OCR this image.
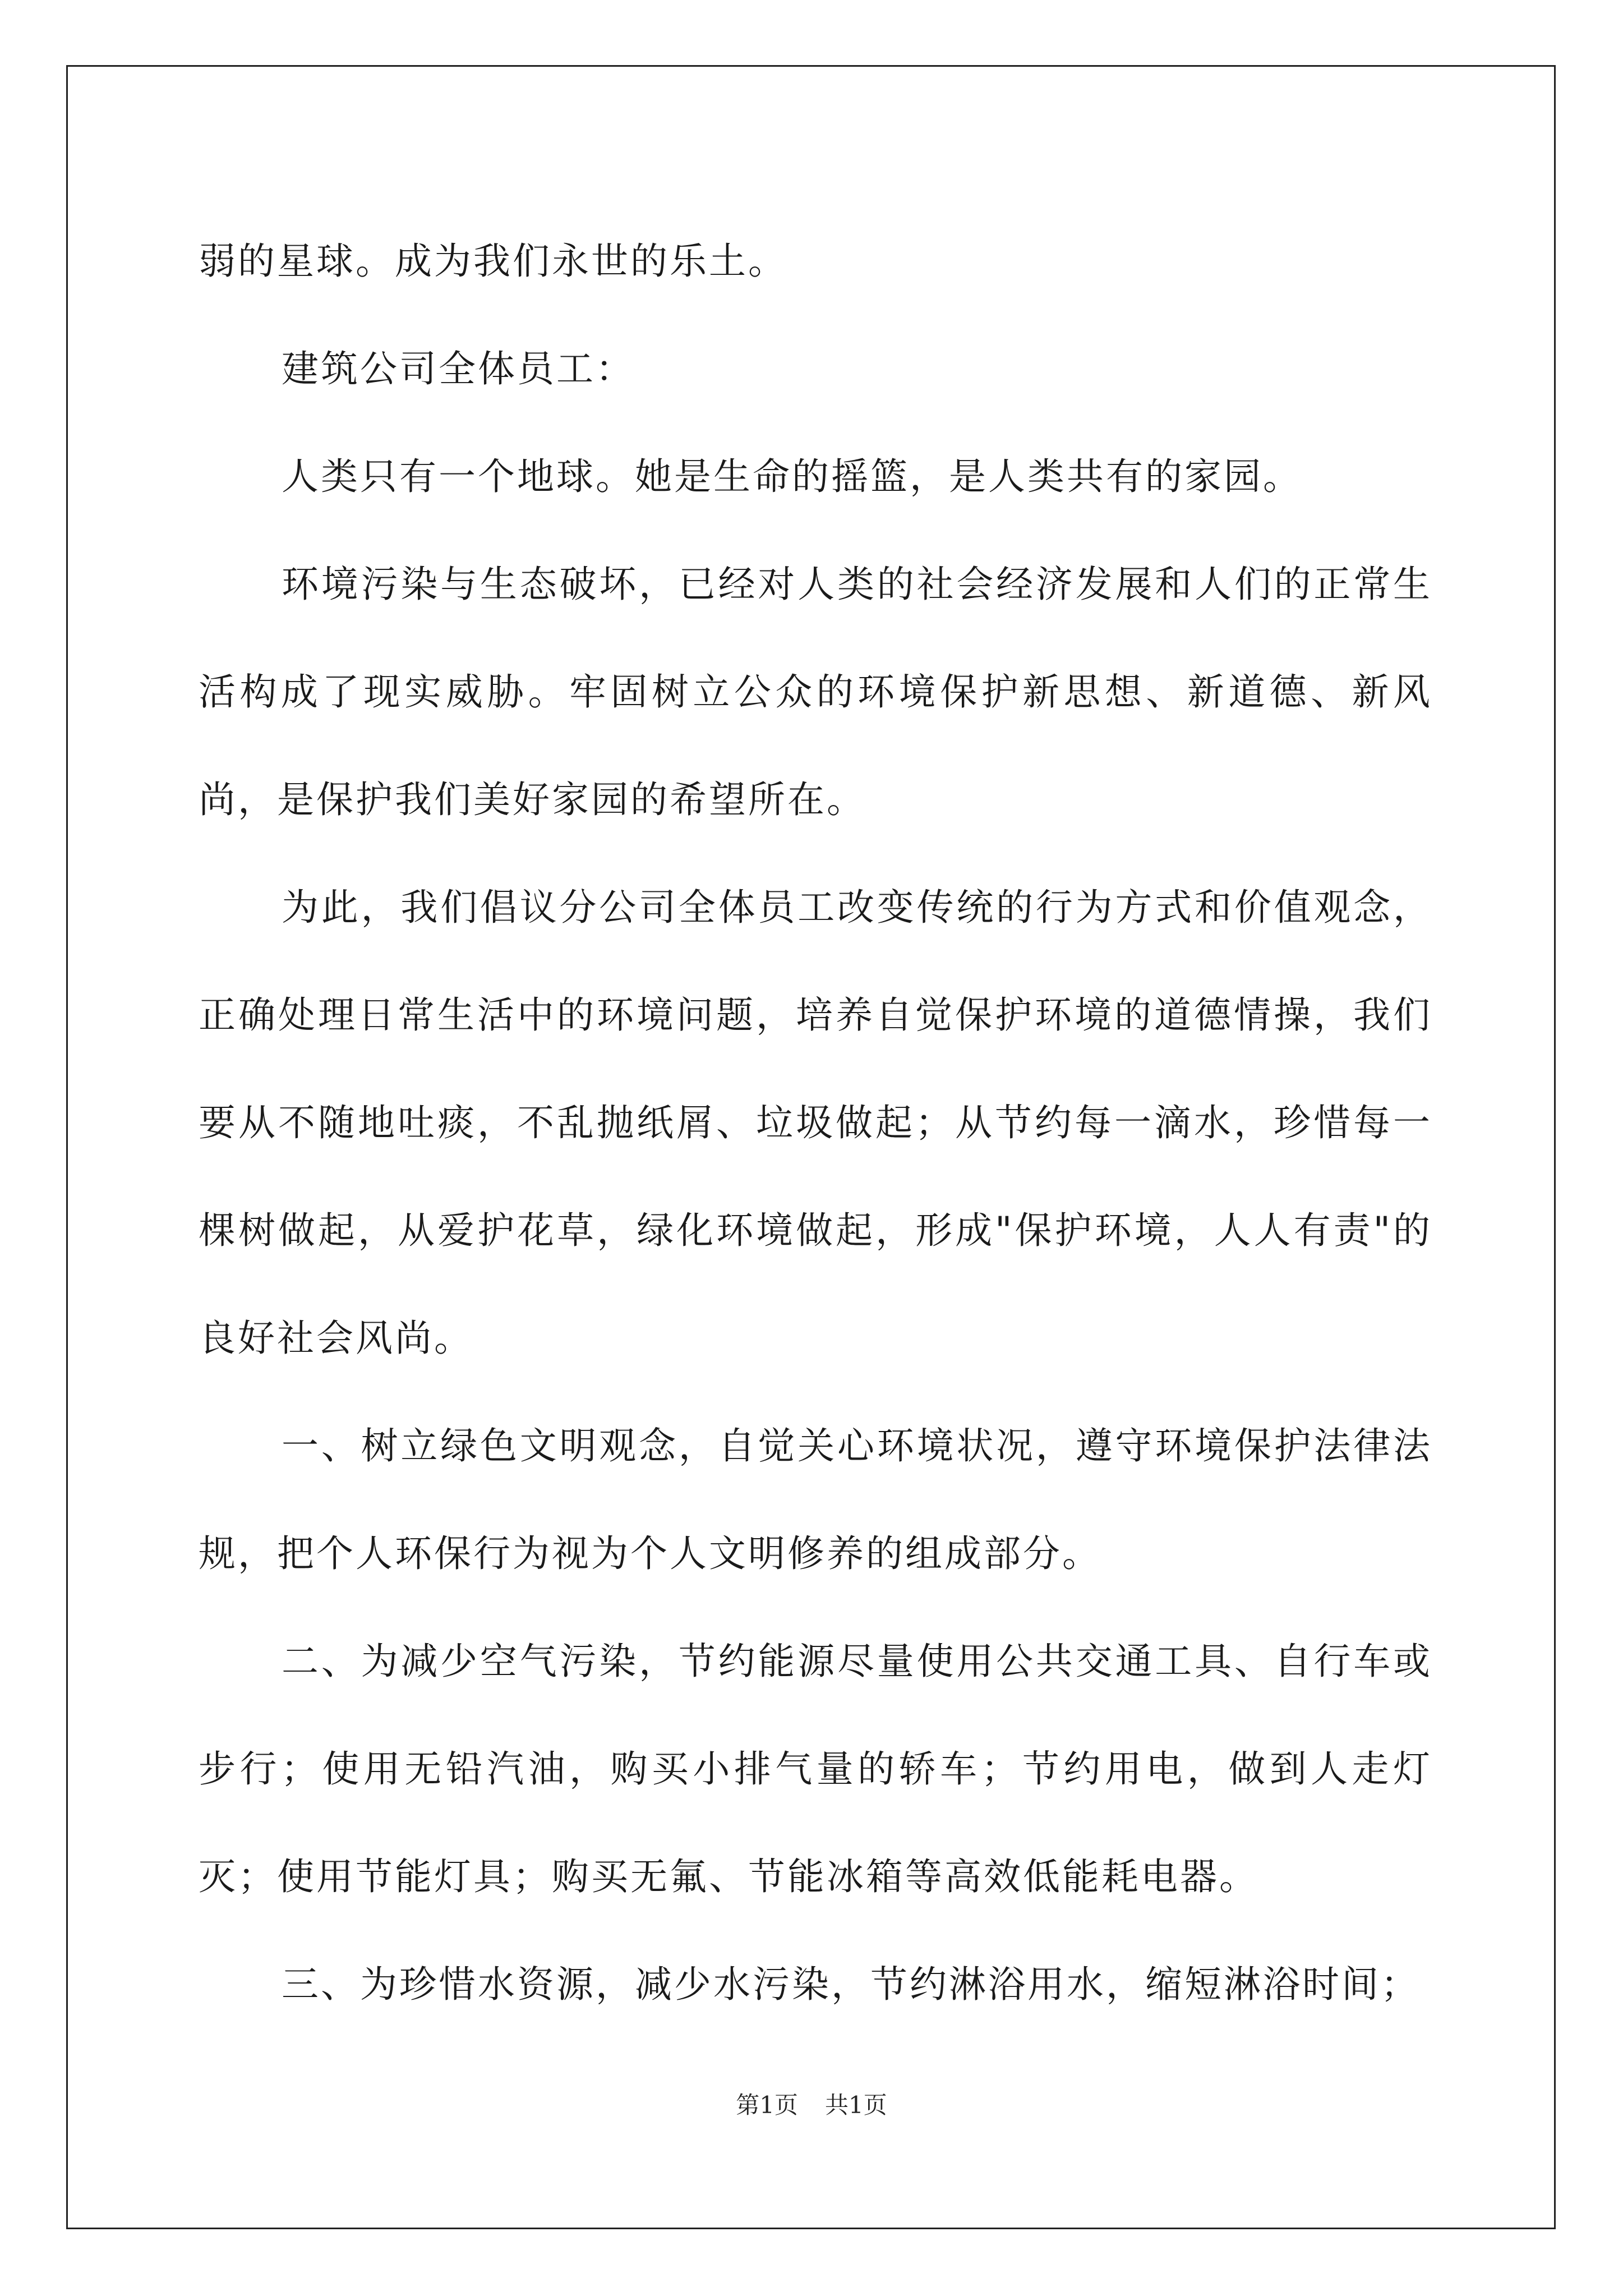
弱的星球。成为我们永世的乐土。

建筑公司全体员工：

人类只有一个地球。她是生命的摇篮，是人类共有的家园。

环境污染与生态破坏，已经对人类的社会经济发展和人们的正常生活构成了现实威胁。牢固树立公众的环境保护新思想、新道德、新风尚，是保护我们美好家园的希望所在。

为此，我们倡议分公司全体员工改变传统的行为方式和价值观念，正确处理日常生活中的环境问题，培养自觉保护环境的道德情操，我们要从不随地吐痰，不乱抛纸屑、垃圾做起；从节约每一滴水，珍惜每一棵树做起，从爱护花草，绿化环境做起，形成"保护环境，人人有责"的良好社会风尚。

一、树立绿色文明观念，自觉关心环境状况，遵守环境保护法律法规，把个人环保行为视为个人文明修养的组成部分。

二、为减少空气污染，节约能源尽量使用公共交通工具、自行车或步行；使用无铅汽油，购买小排气量的轿车；节约用电，做到人走灯灭；使用节能灯具；购买无氟、节能冰箱等高效低能耗电器。

三、为珍惜水资源，减少水污染，节约淋浴用水，缩短淋浴时间；

第1页 共1页
